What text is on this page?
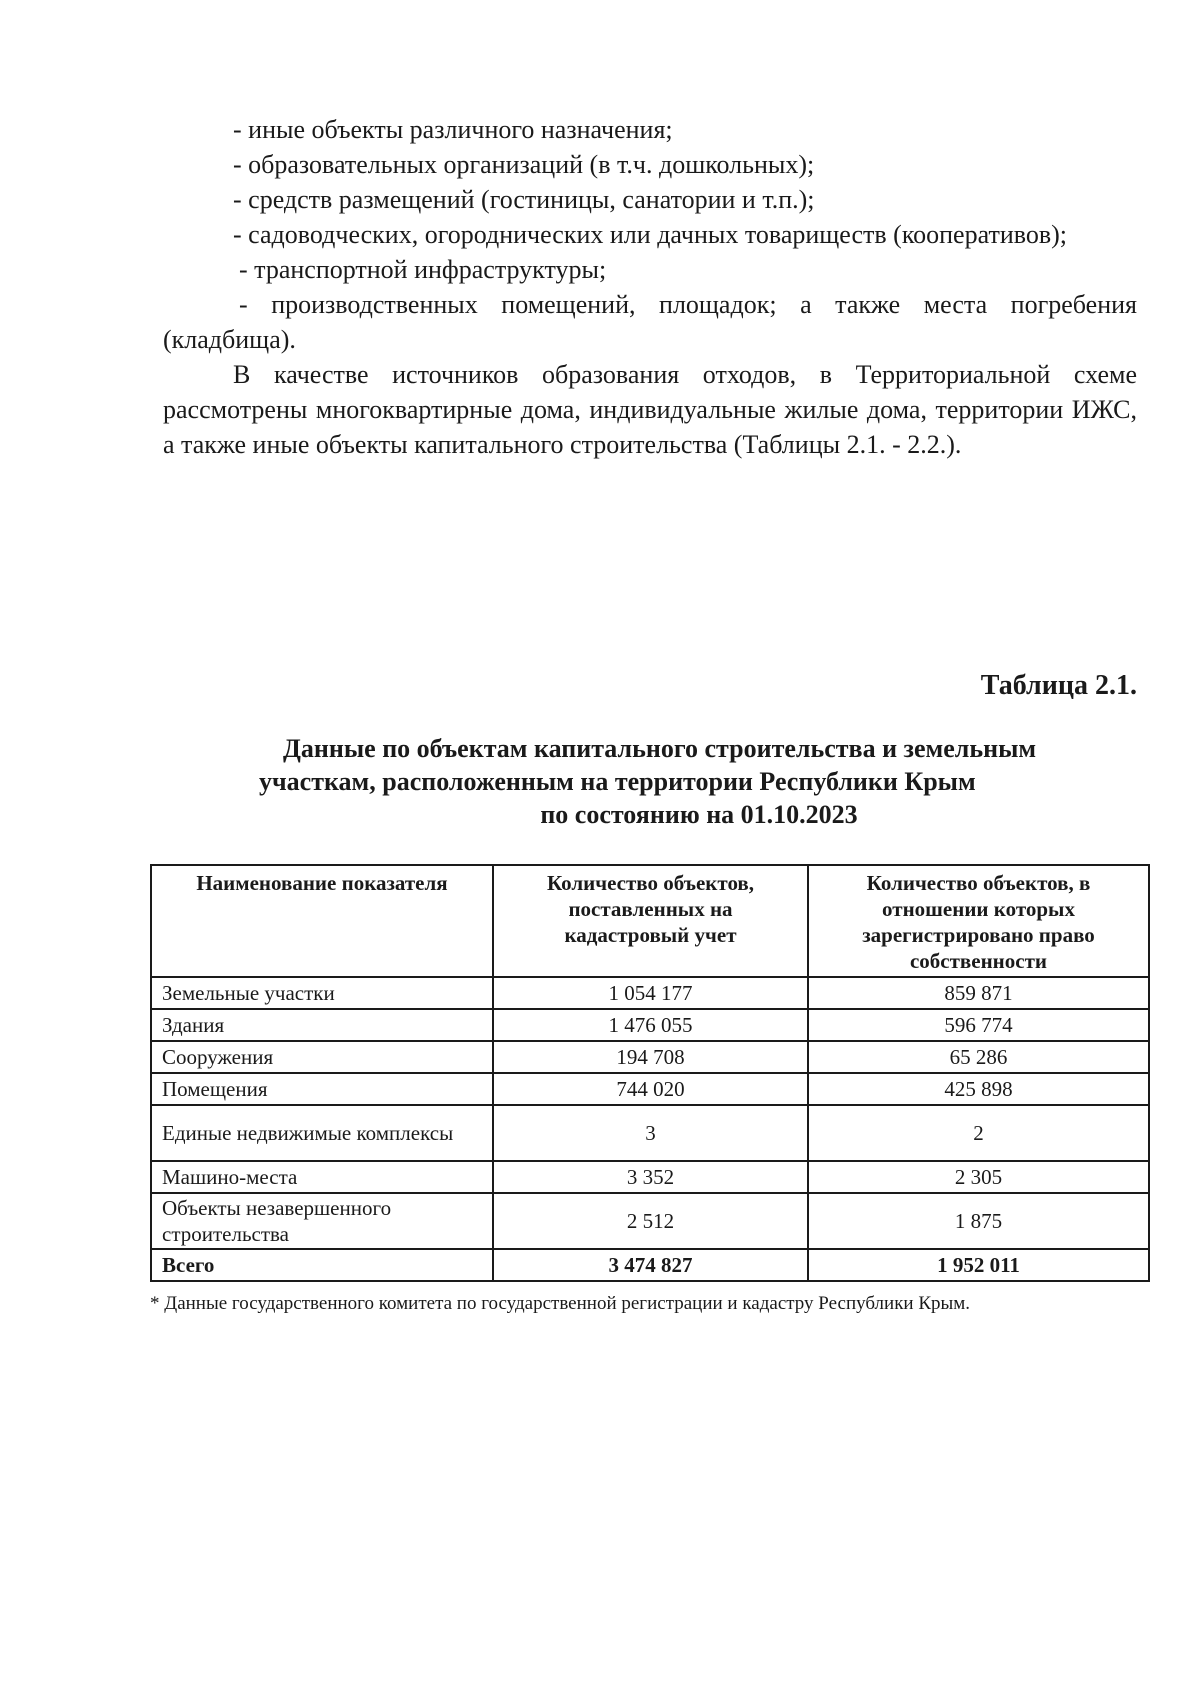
- иные объекты различного назначения;

- образовательных организаций (в т.ч. дошкольных);

- средств размещений (гостиницы, санатории и т.п.);

- садоводческих, огороднических или дачных товариществ (кооперативов);

- транспортной инфраструктуры;

- производственных помещений, площадок; а также места погребения (кладбища).

В качестве источников образования отходов, в Территориальной схеме рассмотрены многоквартирные дома, индивидуальные жилые дома, территории ИЖС, а также иные объекты капитального строительства (Таблицы 2.1. - 2.2.).

Таблица 2.1.
Данные по объектам капитального строительства и земельным
участкам, расположенным на территории Республики Крым
по состоянию на 01.10.2023
Наименование показателя	Количество объектов, поставленных на кадастровый учет	Количество объектов, в отношении которых зарегистрировано право собственности
Земельные участки	1 054 177	859 871
Здания	1 476 055	596 774
Сооружения	194 708	65 286
Помещения	744 020	425 898
Единые недвижимые комплексы	3	2
Машино-места	3 352	2 305
Объекты незавершенного строительства	2 512	1 875
Всего	3 474 827	1 952 011
* Данные государственного комитета по государственной регистрации и кадастру Республики Крым.
